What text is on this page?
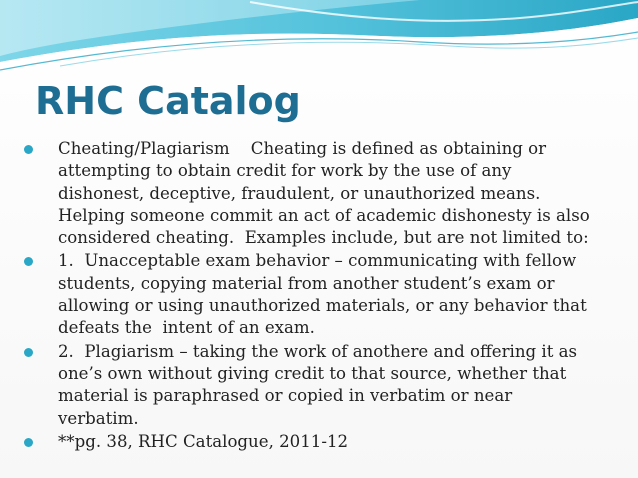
RHC Catalog
Cheating/Plagiarism    Cheating is defined as obtaining or attempting to obtain credit for work by the use of any dishonest, deceptive, fraudulent, or unauthorized means. Helping someone commit an act of academic dishonesty is also considered cheating.  Examples include, but are not limited to:
1.  Unacceptable exam behavior – communicating with fellow students, copying material from another student’s exam or allowing or using unauthorized materials, or any behavior that defeats the  intent of an exam.
2.  Plagiarism – taking the work of anothere and offering it as one’s own without giving credit to that source, whether that material is paraphrased or copied in verbatim or near verbatim.
**pg. 38, RHC Catalogue, 2011-12
